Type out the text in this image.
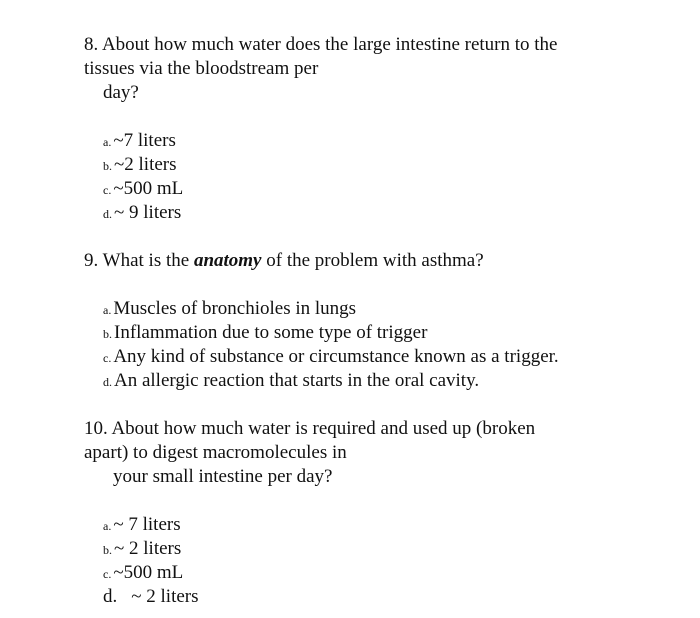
8. About how much water does the large intestine return to the
tissues via the bloodstream per
day?
a. ~7 liters
b. ~2 liters
c. ~500 mL
d. ~ 9 liters
9. What is the anatomy of the problem with asthma?
a. Muscles of bronchioles in lungs
b. Inflammation due to some type of trigger
c. Any kind of substance or circumstance known as a trigger.
d. An allergic reaction that starts in the oral cavity.
10. About how much water is required and used up (broken
apart) to digest macromolecules in
your small intestine per day?
a. ~ 7 liters
b. ~ 2 liters
c. ~500 mL
d. ~ 2 liters
